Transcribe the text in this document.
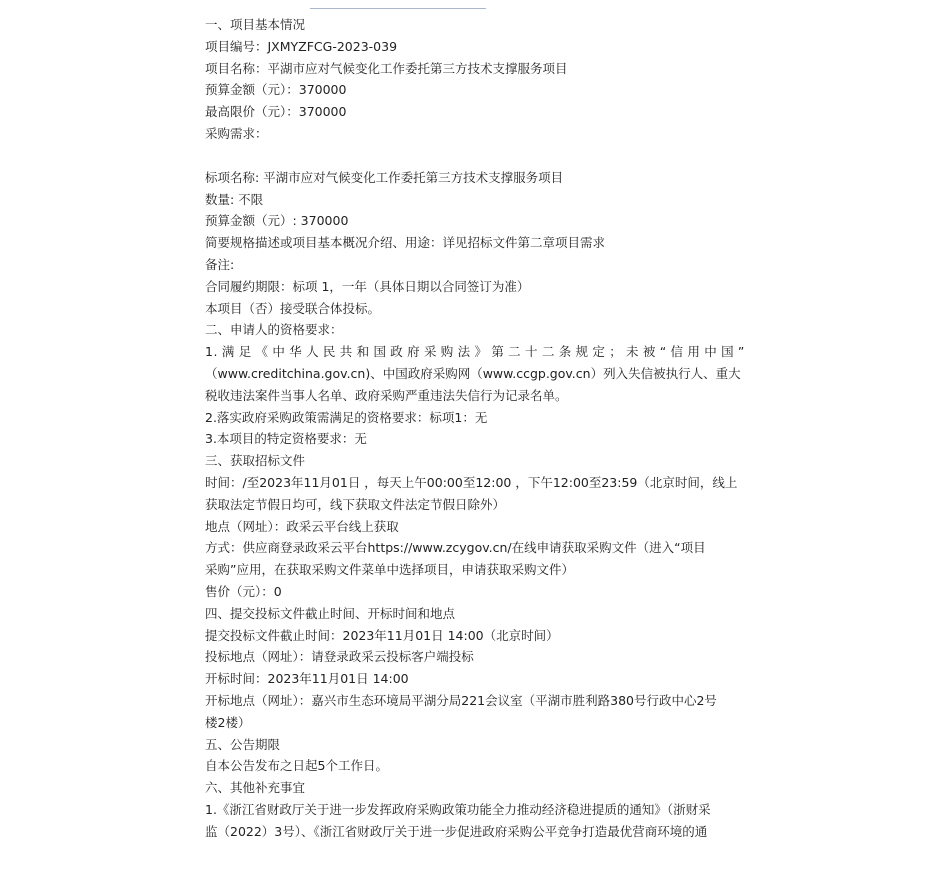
一、项目基本情况

项目编号：JXMYZFCG-2023-039

项目名称：平湖市应对气候变化工作委托第三方技术支撑服务项目

预算金额（元）：370000

最高限价（元）：370000

采购需求：

标项名称: 平湖市应对气候变化工作委托第三方技术支撑服务项目

数量: 不限

预算金额（元）: 370000

简要规格描述或项目基本概况介绍、用途：详见招标文件第二章项目需求

备注:

合同履约期限：标项 1，一年（具体日期以合同签订为准）

本项目（否）接受联合体投标。

二、申请人的资格要求：

1.满足《中华人民共和国政府采购法》第二十二条规定；未被“信用中国”

（www.creditchina.gov.cn)、中国政府采购网（www.ccgp.gov.cn）列入失信被执行人、重大

税收违法案件当事人名单、政府采购严重违法失信行为记录名单。

2.落实政府采购政策需满足的资格要求：标项1：无

3.本项目的特定资格要求：无

三、获取招标文件

时间：/至2023年11月01日 ，每天上午00:00至12:00 ，下午12:00至23:59（北京时间，线上

获取法定节假日均可，线下获取文件法定节假日除外）

地点（网址）：政采云平台线上获取

方式：供应商登录政采云平台https://www.zcygov.cn/在线申请获取采购文件（进入“项目

采购”应用，在获取采购文件菜单中选择项目，申请获取采购文件）

售价（元）：0

四、提交投标文件截止时间、开标时间和地点

提交投标文件截止时间：2023年11月01日 14:00（北京时间）

投标地点（网址）：请登录政采云投标客户端投标

开标时间：2023年11月01日 14:00

开标地点（网址）：嘉兴市生态环境局平湖分局221会议室（平湖市胜利路380号行政中心2号

楼2楼）

五、公告期限

自本公告发布之日起5个工作日。

六、其他补充事宜

1.《浙江省财政厅关于进一步发挥政府采购政策功能全力推动经济稳进提质的通知》（浙财采

监（2022）3号）、《浙江省财政厅关于进一步促进政府采购公平竞争打造最优营商环境的通
